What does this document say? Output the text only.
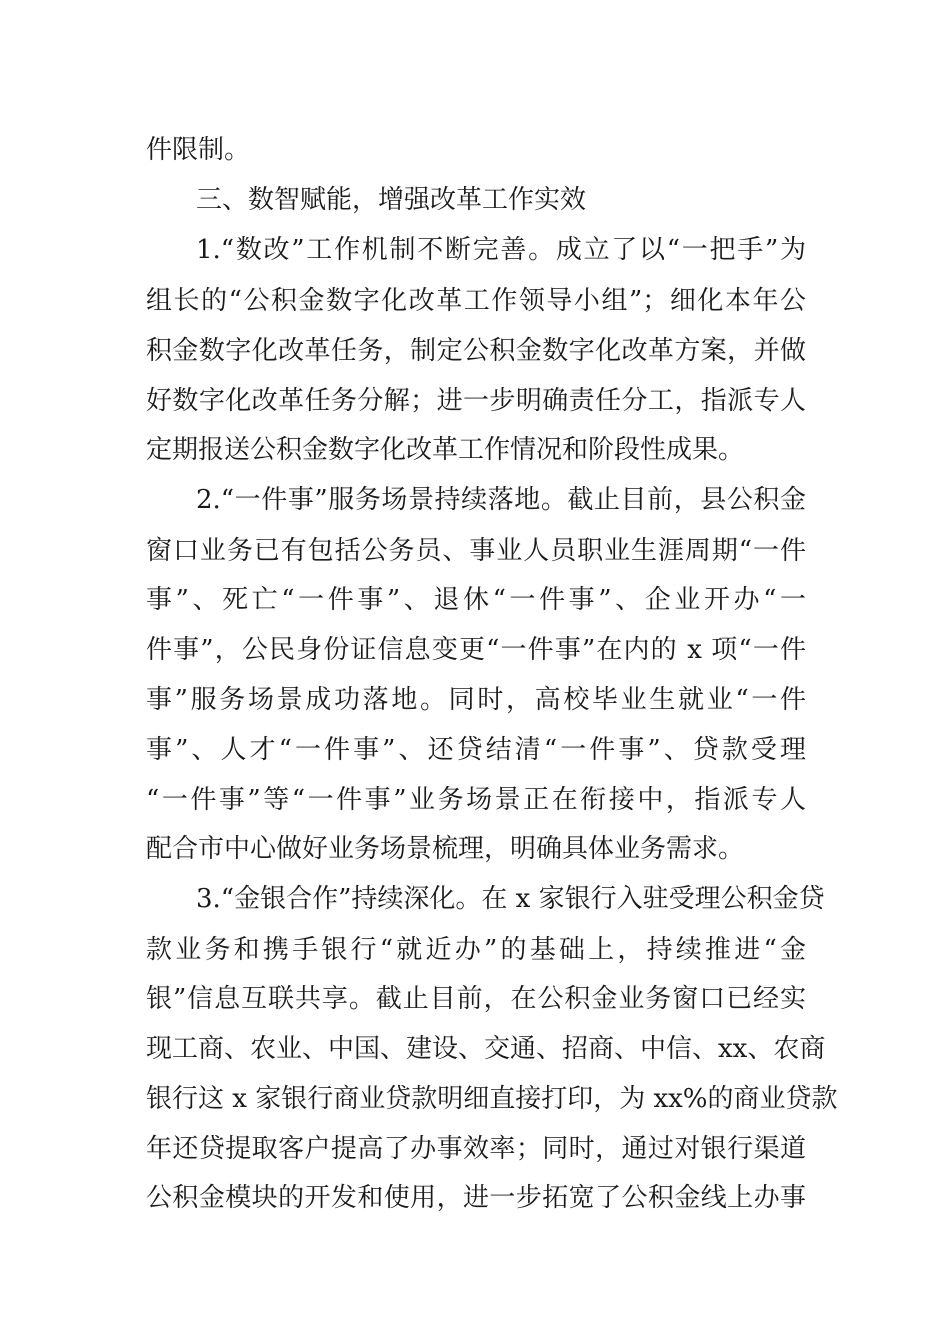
件限制。
三、数智赋能，增强改革工作实效
1.“数改”工作机制不断完善。成立了以“一把手”为
组长的“公积金数字化改革工作领导小组”；细化本年公
积金数字化改革任务，制定公积金数字化改革方案，并做
好数字化改革任务分解；进一步明确责任分工，指派专人
定期报送公积金数字化改革工作情况和阶段性成果。
2.“一件事”服务场景持续落地。截止目前，县公积金
窗口业务已有包括公务员、事业人员职业生涯周期“一件
事”、死亡“一件事”、退休“一件事”、企业开办“一
件事”，公民身份证信息变更“一件事”在内的 x 项“一件
事”服务场景成功落地。同时，高校毕业生就业“一件
事”、人才“一件事”、还贷结清“一件事”、贷款受理
“一件事”等“一件事”业务场景正在衔接中，指派专人
配合市中心做好业务场景梳理，明确具体业务需求。
3.“金银合作”持续深化。在 x 家银行入驻受理公积金贷
款业务和携手银行“就近办”的基础上，持续推进“金
银”信息互联共享。截止目前，在公积金业务窗口已经实
现工商、农业、中国、建设、交通、招商、中信、xx、农商
银行这 x 家银行商业贷款明细直接打印，为 xx%的商业贷款
年还贷提取客户提高了办事效率；同时，通过对银行渠道
公积金模块的开发和使用，进一步拓宽了公积金线上办事
